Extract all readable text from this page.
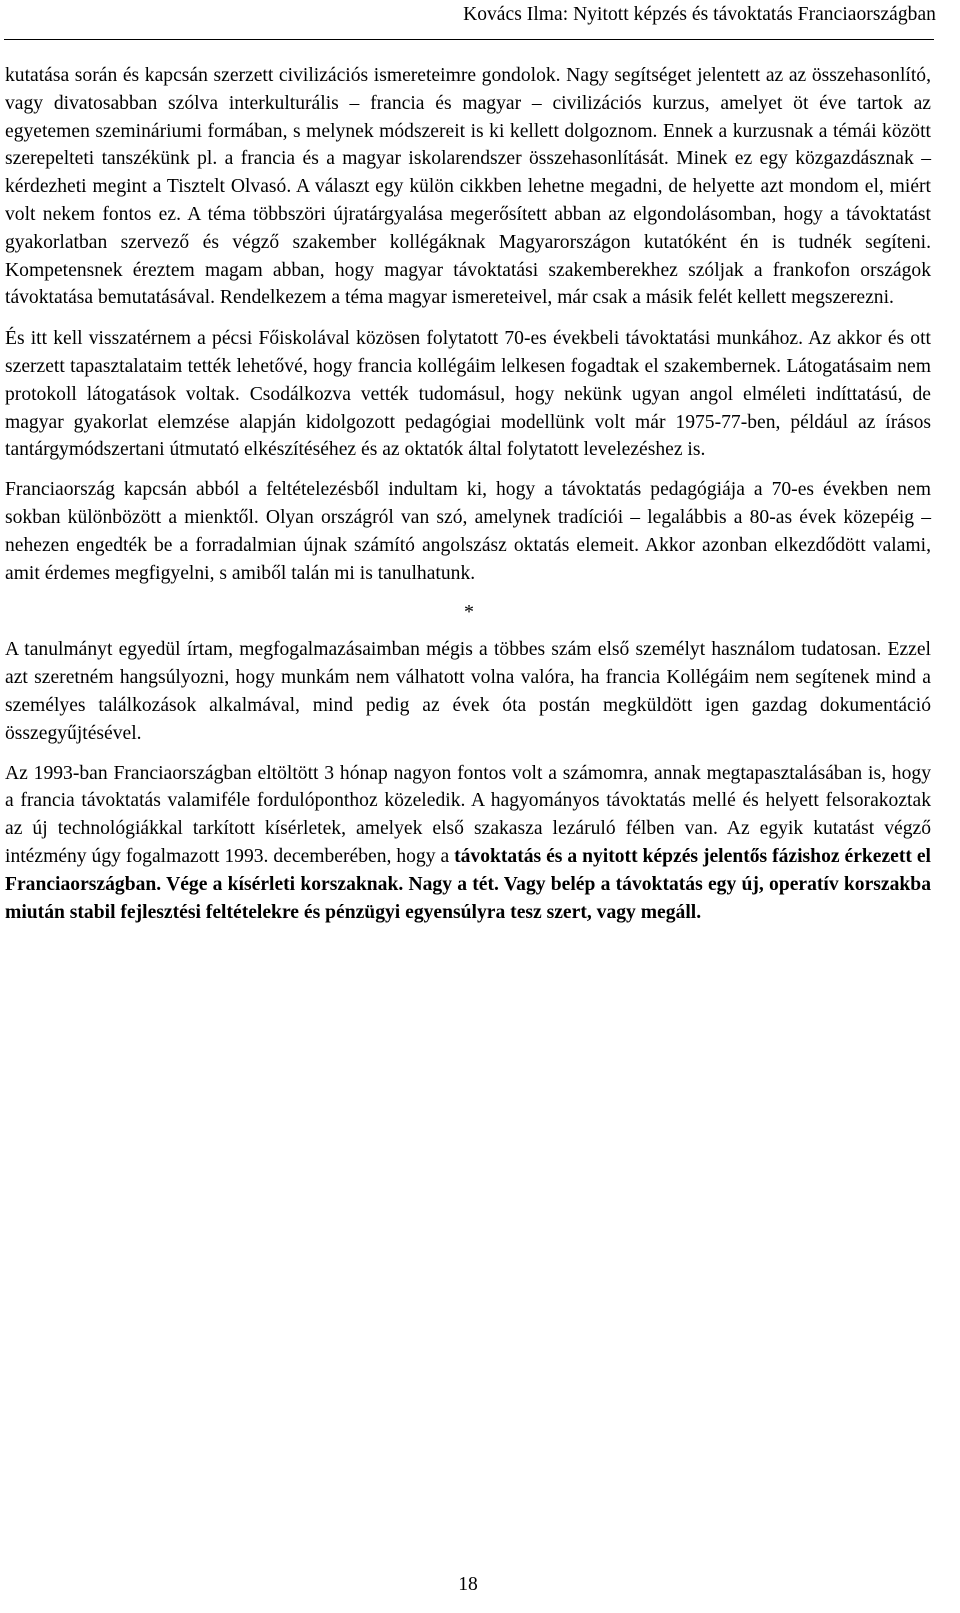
Kovács Ilma: Nyitott képzés és távoktatás Franciaországban

kutatása során és kapcsán szerzett civilizációs ismereteimre gondolok. Nagy segítséget jelentett az az összehasonlító, vagy divatosabban szólva interkulturális – francia és magyar – civilizációs kurzus, amelyet öt éve tartok az egyetemen szemináriumi formában, s melynek módszereit is ki kellett dolgoznom. Ennek a kurzusnak a témái között szerepelteti tanszékünk pl. a francia és a magyar iskolarendszer összehasonlítását. Minek ez egy közgazdásznak – kérdezheti megint a Tisztelt Olvasó. A választ egy külön cikkben lehetne megadni, de helyette azt mondom el, miért volt nekem fontos ez. A téma többszöri újratárgyalása megerősített abban az elgondolásomban, hogy a távoktatást gyakorlatban szervező és végző szakember kollégáknak Magyarországon kutatóként én is tudnék segíteni. Kompetensnek éreztem magam abban, hogy magyar távoktatási szakemberekhez szóljak a frankofon országok távoktatása bemutatásával. Rendelkezem a téma magyar ismereteivel, már csak a másik felét kellett megszerezni.

És itt kell visszatérnem a pécsi Főiskolával közösen folytatott 70-es évekbeli távoktatási munkához. Az akkor és ott szerzett tapasztalataim tették lehetővé, hogy francia kollégáim lelkesen fogadtak el szakembernek. Látogatásaim nem protokoll látogatások voltak. Csodálkozva vették tudomásul, hogy nekünk ugyan angol elméleti indíttatású, de magyar gyakorlat elemzése alapján kidolgozott pedagógiai modellünk volt már 1975-77-ben, például az írásos tantárgymódszertani útmutató elkészítéséhez és az oktatók által folytatott levelezéshez is.

Franciaország kapcsán abból a feltételezésből indultam ki, hogy a távoktatás pedagógiája a 70-es években nem sokban különbözött a mienktől. Olyan országról van szó, amelynek tradíciói – legalábbis a 80-as évek közepéig – nehezen engedték be a forradalmian újnak számító angolszász oktatás elemeit. Akkor azonban elkezdődött valami, amit érdemes megfigyelni, s amiből talán mi is tanulhatunk.

*

A tanulmányt egyedül írtam, megfogalmazásaimban mégis a többes szám első személyt használom tudatosan. Ezzel azt szeretném hangsúlyozni, hogy munkám nem válhatott volna valóra, ha francia Kollégáim nem segítenek mind a személyes találkozások alkalmával, mind pedig az évek óta postán megküldött igen gazdag dokumentáció összegyűjtésével.

Az 1993-ban Franciaországban eltöltött 3 hónap nagyon fontos volt a számomra, annak megtapasztalásában is, hogy a francia távoktatás valamiféle fordulóponthoz közeledik. A hagyományos távoktatás mellé és helyett felsorakoztak az új technológiákkal tarkított kísérletek, amelyek első szakasza lezáruló félben van. Az egyik kutatást végző intézmény úgy fogalmazott 1993. decemberében, hogy a távoktatás és a nyitott képzés jelentős fázishoz érkezett el Franciaországban. Vége a kísérleti korszaknak. Nagy a tét. Vagy belép a távoktatás egy új, operatív korszakba miután stabil fejlesztési feltételekre és pénzügyi egyensúlyra tesz szert, vagy megáll.

18
